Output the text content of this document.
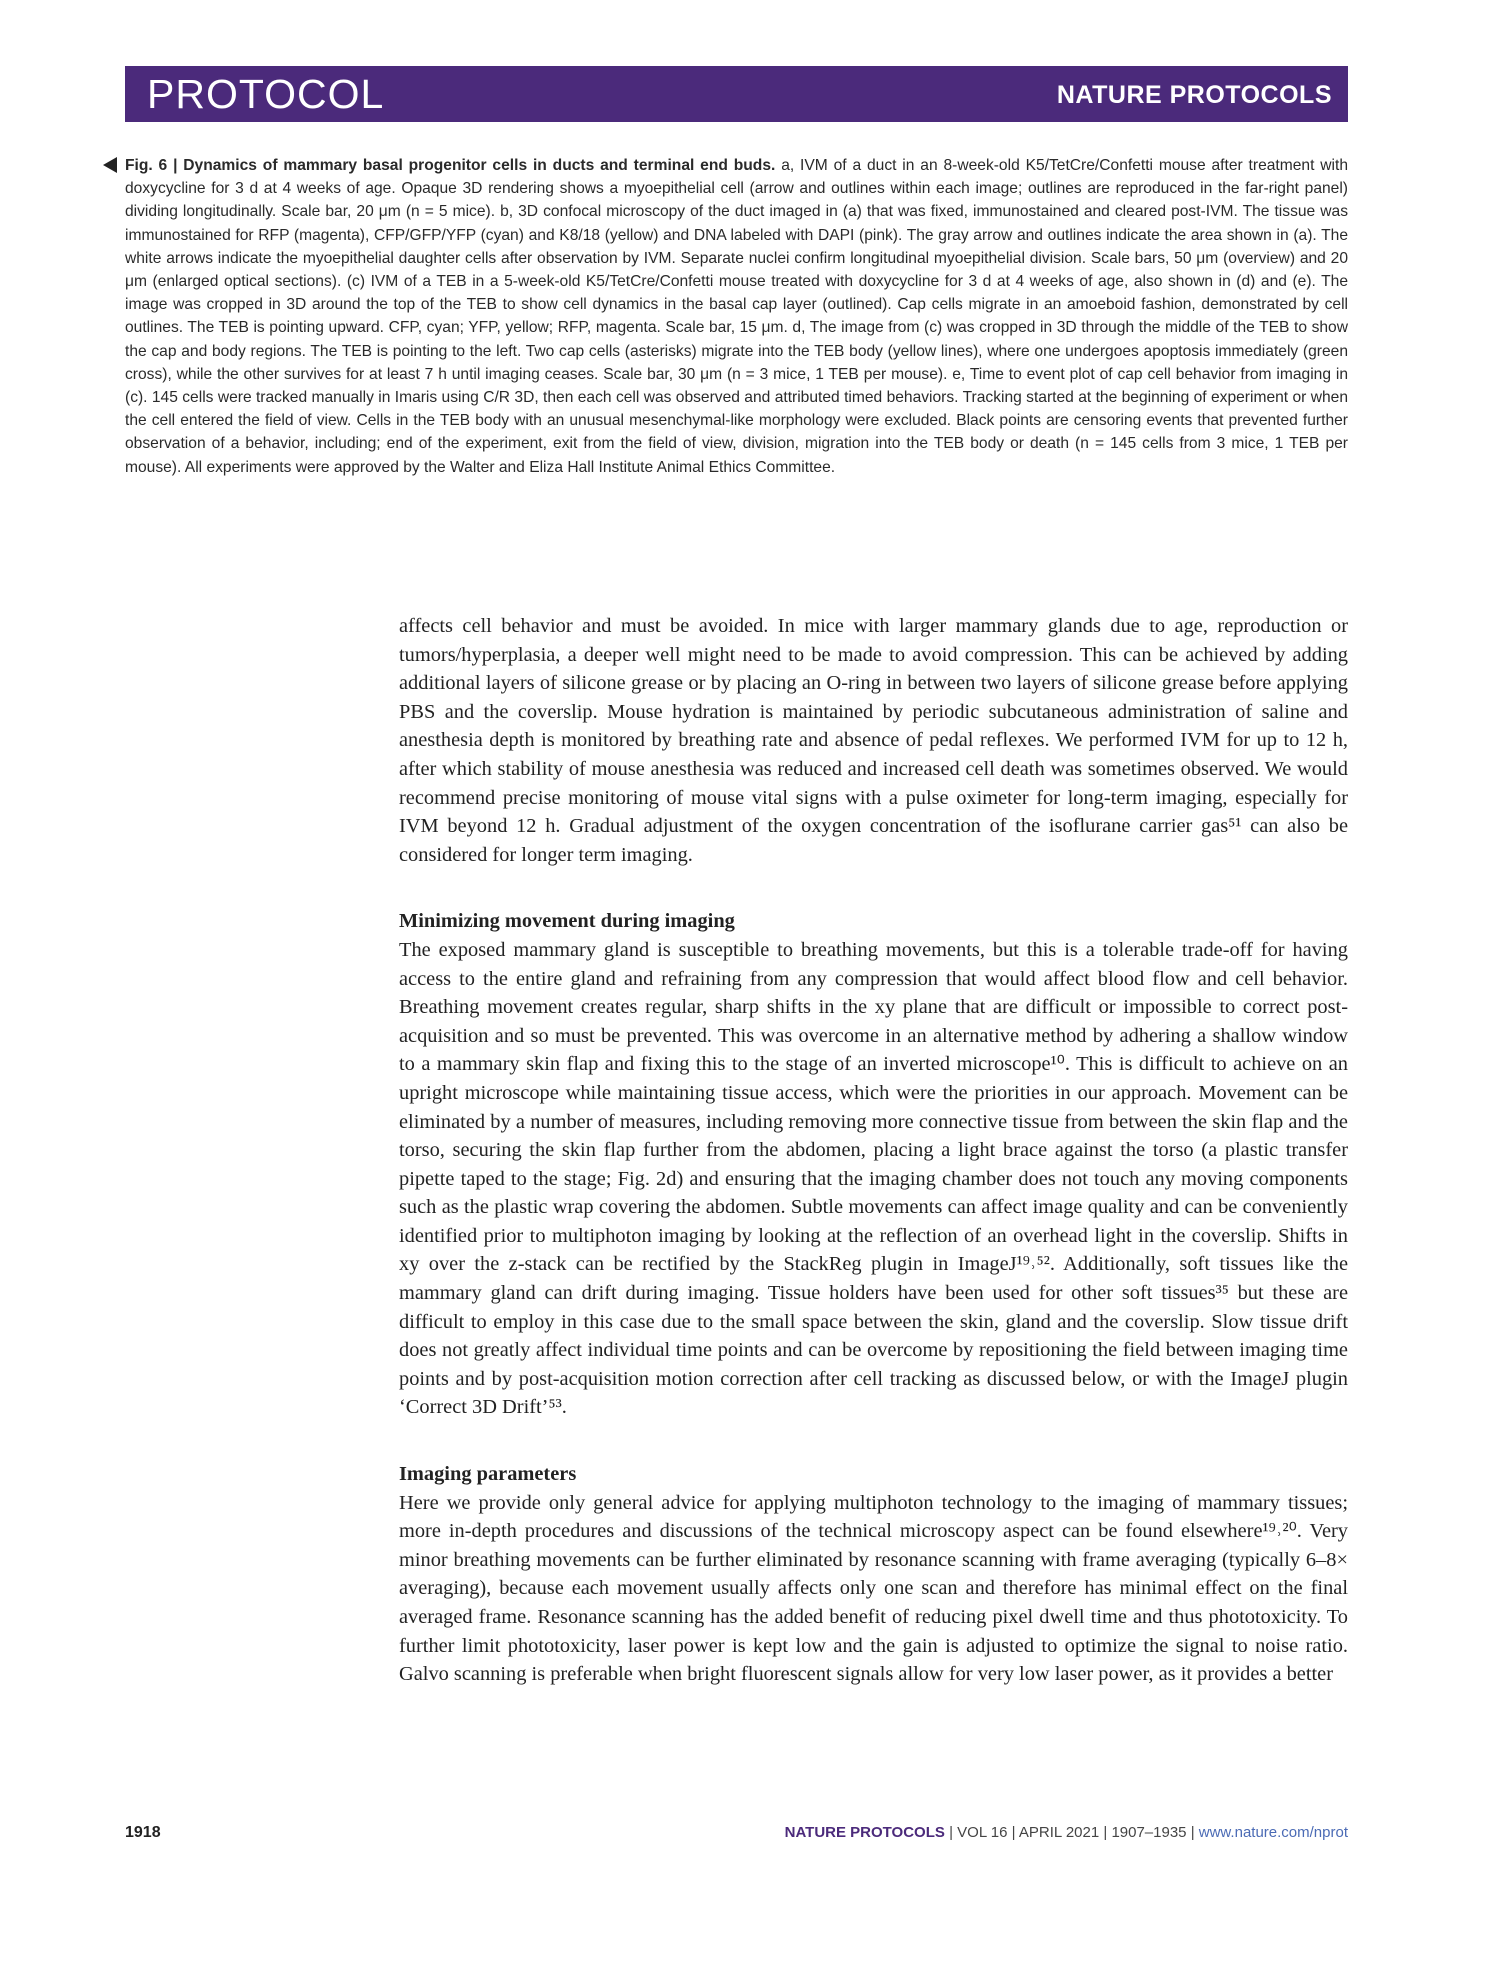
PROTOCOL	NATURE PROTOCOLS
Fig. 6 | Dynamics of mammary basal progenitor cells in ducts and terminal end buds. a, IVM of a duct in an 8-week-old K5/TetCre/Confetti mouse after treatment with doxycycline for 3 d at 4 weeks of age. Opaque 3D rendering shows a myoepithelial cell (arrow and outlines within each image; outlines are reproduced in the far-right panel) dividing longitudinally. Scale bar, 20 μm (n = 5 mice). b, 3D confocal microscopy of the duct imaged in (a) that was fixed, immunostained and cleared post-IVM. The tissue was immunostained for RFP (magenta), CFP/GFP/YFP (cyan) and K8/18 (yellow) and DNA labeled with DAPI (pink). The gray arrow and outlines indicate the area shown in (a). The white arrows indicate the myoepithelial daughter cells after observation by IVM. Separate nuclei confirm longitudinal myoepithelial division. Scale bars, 50 μm (overview) and 20 μm (enlarged optical sections). (c) IVM of a TEB in a 5-week-old K5/TetCre/Confetti mouse treated with doxycycline for 3 d at 4 weeks of age, also shown in (d) and (e). The image was cropped in 3D around the top of the TEB to show cell dynamics in the basal cap layer (outlined). Cap cells migrate in an amoeboid fashion, demonstrated by cell outlines. The TEB is pointing upward. CFP, cyan; YFP, yellow; RFP, magenta. Scale bar, 15 μm. d, The image from (c) was cropped in 3D through the middle of the TEB to show the cap and body regions. The TEB is pointing to the left. Two cap cells (asterisks) migrate into the TEB body (yellow lines), where one undergoes apoptosis immediately (green cross), while the other survives for at least 7 h until imaging ceases. Scale bar, 30 μm (n = 3 mice, 1 TEB per mouse). e, Time to event plot of cap cell behavior from imaging in (c). 145 cells were tracked manually in Imaris using C/R 3D, then each cell was observed and attributed timed behaviors. Tracking started at the beginning of experiment or when the cell entered the field of view. Cells in the TEB body with an unusual mesenchymal-like morphology were excluded. Black points are censoring events that prevented further observation of a behavior, including; end of the experiment, exit from the field of view, division, migration into the TEB body or death (n = 145 cells from 3 mice, 1 TEB per mouse). All experiments were approved by the Walter and Eliza Hall Institute Animal Ethics Committee.

affects cell behavior and must be avoided. In mice with larger mammary glands due to age, reproduction or tumors/hyperplasia, a deeper well might need to be made to avoid compression. This can be achieved by adding additional layers of silicone grease or by placing an O-ring in between two layers of silicone grease before applying PBS and the coverslip. Mouse hydration is maintained by periodic subcutaneous administration of saline and anesthesia depth is monitored by breathing rate and absence of pedal reflexes. We performed IVM for up to 12 h, after which stability of mouse anesthesia was reduced and increased cell death was sometimes observed. We would recommend precise monitoring of mouse vital signs with a pulse oximeter for long-term imaging, especially for IVM beyond 12 h. Gradual adjustment of the oxygen concentration of the isoflurane carrier gas⁵¹ can also be considered for longer term imaging.

Minimizing movement during imaging

The exposed mammary gland is susceptible to breathing movements, but this is a tolerable trade-off for having access to the entire gland and refraining from any compression that would affect blood flow and cell behavior. Breathing movement creates regular, sharp shifts in the xy plane that are difficult or impossible to correct post-acquisition and so must be prevented. This was overcome in an alternative method by adhering a shallow window to a mammary skin flap and fixing this to the stage of an inverted microscope¹⁰. This is difficult to achieve on an upright microscope while maintaining tissue access, which were the priorities in our approach. Movement can be eliminated by a number of measures, including removing more connective tissue from between the skin flap and the torso, securing the skin flap further from the abdomen, placing a light brace against the torso (a plastic transfer pipette taped to the stage; Fig. 2d) and ensuring that the imaging chamber does not touch any moving components such as the plastic wrap covering the abdomen. Subtle movements can affect image quality and can be conveniently identified prior to multiphoton imaging by looking at the reflection of an overhead light in the coverslip. Shifts in xy over the z-stack can be rectified by the StackReg plugin in ImageJ¹⁹˒⁵². Additionally, soft tissues like the mammary gland can drift during imaging. Tissue holders have been used for other soft tissues³⁵ but these are difficult to employ in this case due to the small space between the skin, gland and the coverslip. Slow tissue drift does not greatly affect individual time points and can be overcome by repositioning the field between imaging time points and by post-acquisition motion correction after cell tracking as discussed below, or with the ImageJ plugin ‘Correct 3D Drift’⁵³.

Imaging parameters

Here we provide only general advice for applying multiphoton technology to the imaging of mammary tissues; more in-depth procedures and discussions of the technical microscopy aspect can be found elsewhere¹⁹˒²⁰. Very minor breathing movements can be further eliminated by resonance scanning with frame averaging (typically 6–8× averaging), because each movement usually affects only one scan and therefore has minimal effect on the final averaged frame. Resonance scanning has the added benefit of reducing pixel dwell time and thus phototoxicity. To further limit phototoxicity, laser power is kept low and the gain is adjusted to optimize the signal to noise ratio. Galvo scanning is preferable when bright fluorescent signals allow for very low laser power, as it provides a better

1918	NATURE PROTOCOLS | VOL 16 | APRIL 2021 | 1907–1935 | www.nature.com/nprot
